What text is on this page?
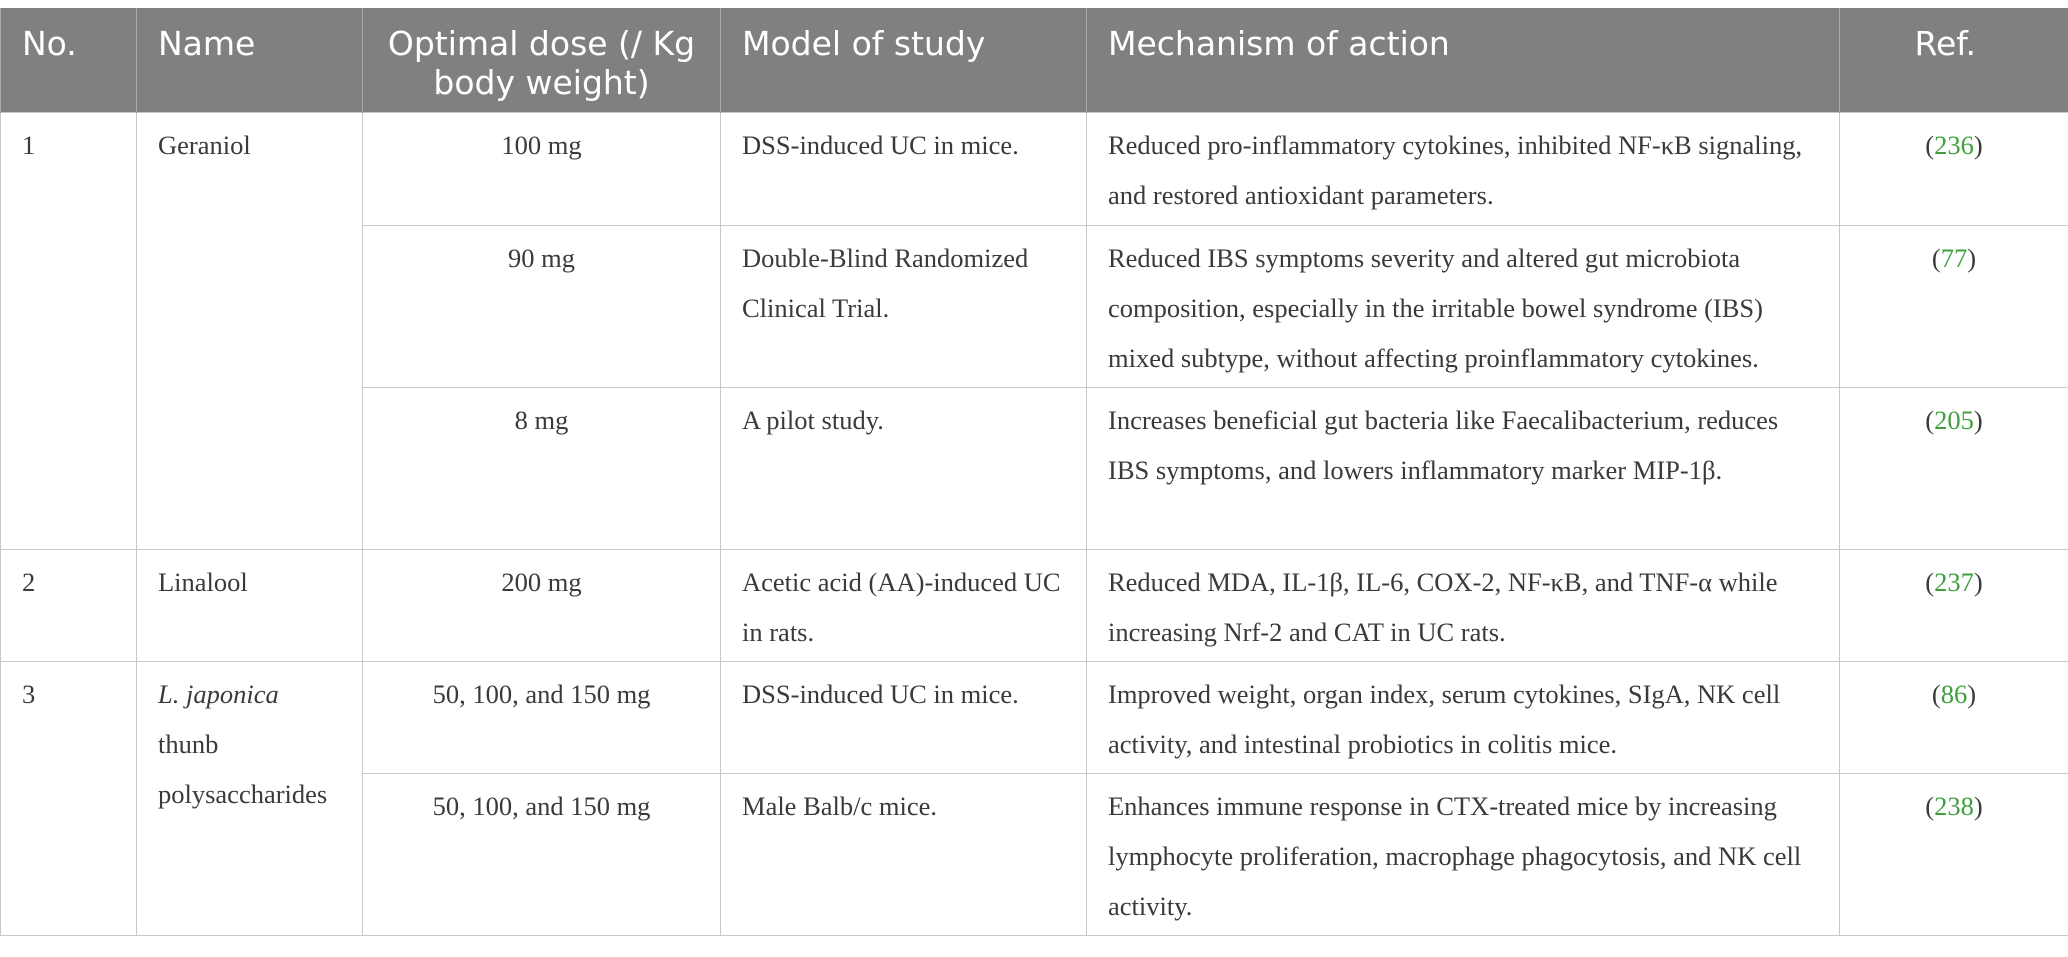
No.	Name	Optimal dose (/ Kg body weight)	Model of study	Mechanism of action	Ref.
1	Geraniol	100 mg	DSS-induced UC in mice.	Reduced pro-inflammatory cytokines, inhibited NF-κB signaling, and restored antioxidant parameters.	(236)
		90 mg	Double-Blind Randomized Clinical Trial.	Reduced IBS symptoms severity and altered gut microbiota composition, especially in the irritable bowel syndrome (IBS) mixed subtype, without affecting proinflammatory cytokines.	(77)
		8 mg	A pilot study.	Increases beneficial gut bacteria like Faecalibacterium, reduces IBS symptoms, and lowers inflammatory marker MIP-1β.	(205)
2	Linalool	200 mg	Acetic acid (AA)-induced UC in rats.	Reduced MDA, IL-1β, IL-6, COX-2, NF-κB, and TNF-α while increasing Nrf-2 and CAT in UC rats.	(237)
3	L. japonica thunb polysaccharides	50, 100, and 150 mg	DSS-induced UC in mice.	Improved weight, organ index, serum cytokines, SIgA, NK cell activity, and intestinal probiotics in colitis mice.	(86)
		50, 100, and 150 mg	Male Balb/c mice.	Enhances immune response in CTX-treated mice by increasing lymphocyte proliferation, macrophage phagocytosis, and NK cell activity.	(238)
